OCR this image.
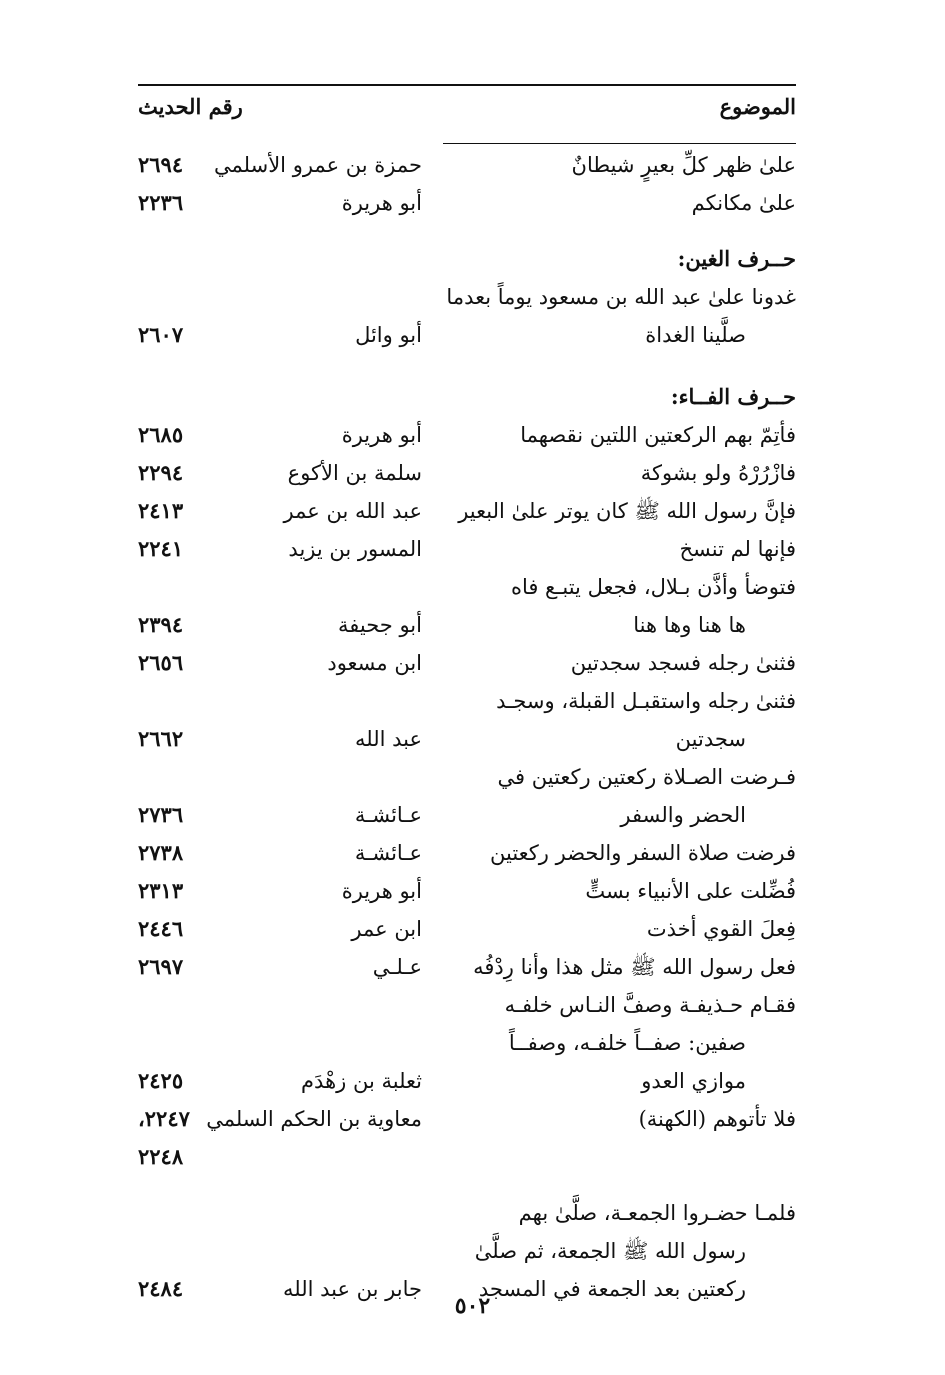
الموضوع
رقم الحديث
علىٰ ظهر كلِّ بعيرٍ شيطانٌ
حمزة بن عمرو الأسلمي
٢٦٩٤
علىٰ مكانكم
أبو هريرة
٢٢٣٦
حــرف الغين:
غدونا علىٰ عبد الله بن مسعود يوماً بعدما
صلَّينا الغداة
أبو وائل
٢٦٠٧
حــرف الفــاء:
فأتِمّ بهم الركعتين اللتين نقصهما
أبو هريرة
٢٦٨٥
فازْرُرْهُ ولو بشوكة
سلمة بن الأكوع
٢٢٩٤
فإنَّ رسول الله ﷺ كان يوتر علىٰ البعير
عبد الله بن عمر
٢٤١٣
فإنها لم تنسخ
المسور بن يزيد
٢٢٤١
فتوضأ وأذَّن بـلال، فجعل يتبـع فاه
ها هنا وها هنا
أبو جحيفة
٢٣٩٤
فثنىٰ رجله فسجد سجدتين
ابن مسعود
٢٦٥٦
فثنىٰ رجله واستقبـل القبلة، وسجـد
سجدتين
عبد الله
٢٦٦٢
فـرضت الصـلاة ركعتين ركعتين في
الحضر والسفر
عـائشـة
٢٧٣٦
فرضت صلاة السفر والحضر ركعتين
عـائشـة
٢٧٣٨
فُضِّلت على الأنبياء بستٍّ
أبو هريرة
٢٣١٣
فِعلَ القوي أخذت
ابن عمر
٢٤٤٦
فعل رسول الله ﷺ مثل هذا وأنا رِدْفُه
عـلـي
٢٦٩٧
فقـام حـذيفـة وصفَّ النـاس خلفـه
صفين: صفــاً خلفـه، وصفــاً
موازي العدو
ثعلبة بن زهْدَم
٢٤٢٥
فلا تأتوهم (الكهنة)
معاوية بن الحكم السلمي
٢٢٤٧،
٢٢٤٨
فلمـا حضـروا الجمعـة، صلَّىٰ بهم
رسول الله ﷺ الجمعة، ثم صلَّىٰ
ركعتين بعد الجمعة في المسجد
جابر بن عبد الله
٢٤٨٤
٥٠٢
